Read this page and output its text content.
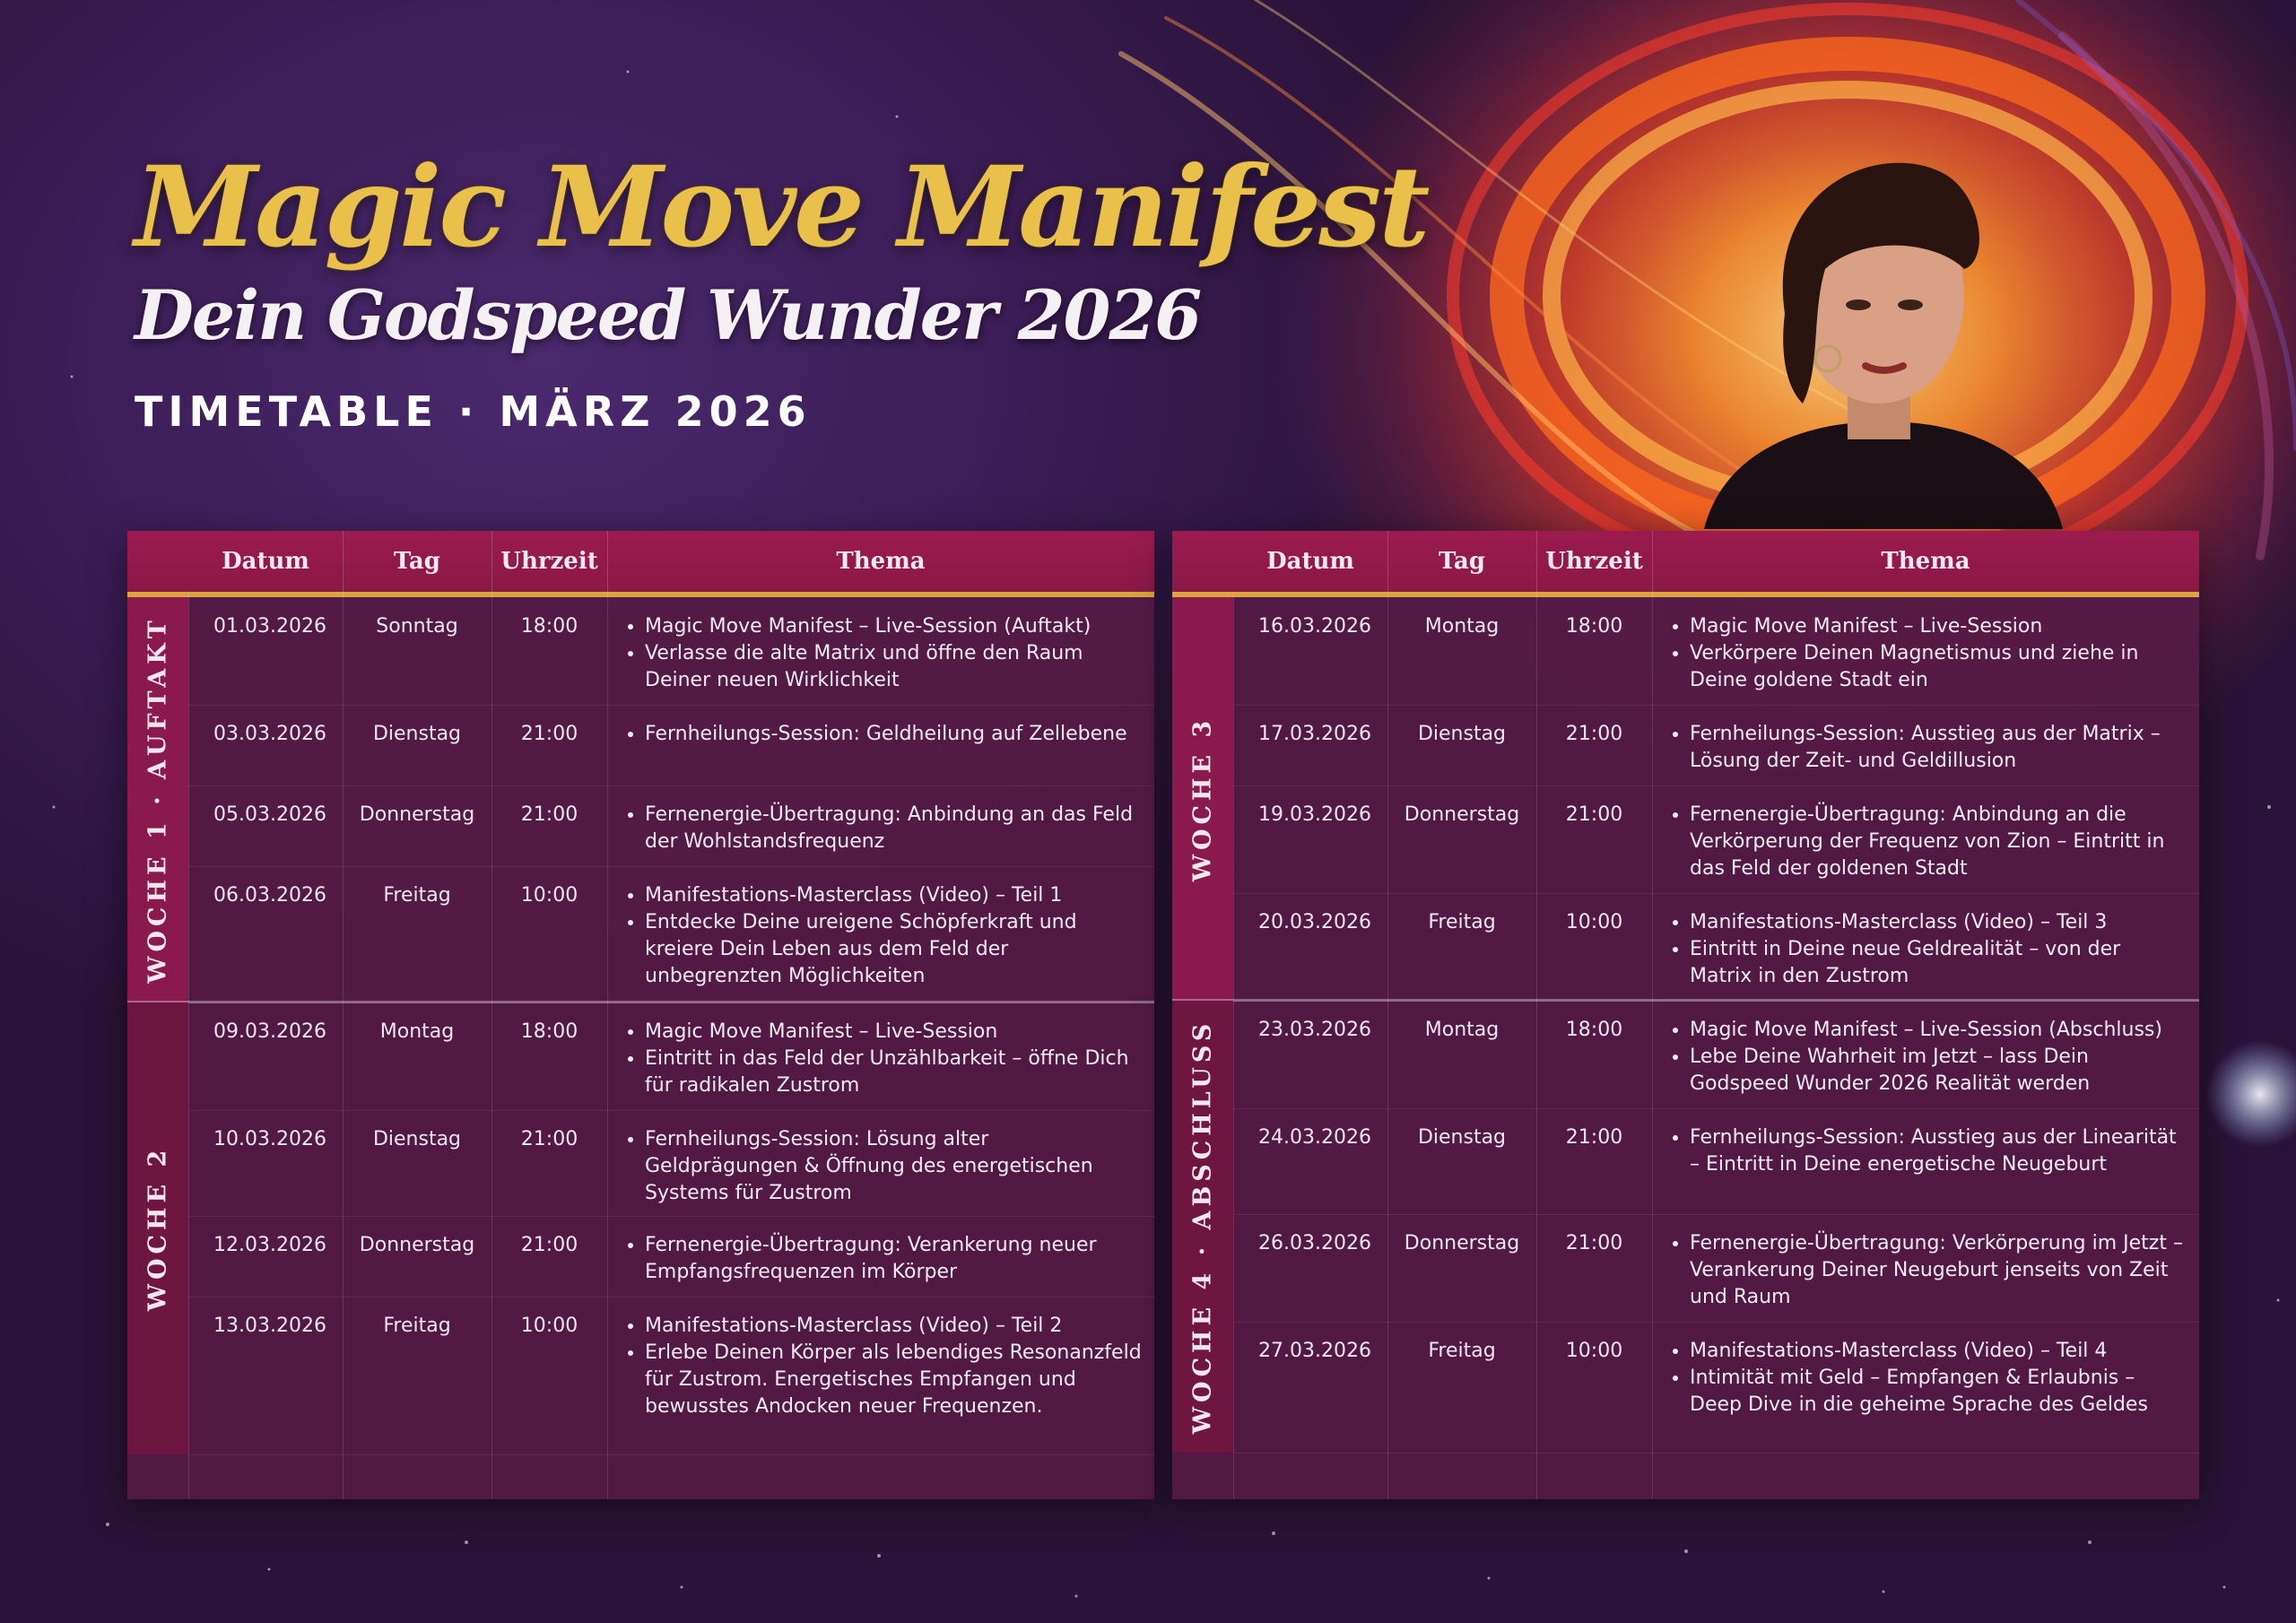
Magic Move Manifest
Dein Godspeed Wunder 2026
TIMETABLE · MÄRZ 2026
Datum	Tag	Uhrzeit	Thema
WOCHE 1 · AUFTAKT	01.03.2026	Sonntag	18:00	• Magic Move Manifest – Live-Session (Auftakt)
• Verlasse die alte Matrix und öffne den Raum Deiner neuen Wirklichkeit
03.03.2026	Dienstag	21:00	• Fernheilungs-Session: Geldheilung auf Zellebene
05.03.2026	Donnerstag	21:00	• Fernenergie-Übertragung: Anbindung an das Feld der Wohlstandsfrequenz
06.03.2026	Freitag	10:00	• Manifestations-Masterclass (Video) – Teil 1
• Entdecke Deine ureigene Schöpferkraft und kreiere Dein Leben aus dem Feld der unbegrenzten Möglichkeiten
WOCHE 2
09.03.2026	Montag	18:00	• Magic Move Manifest – Live-Session
• Eintritt in das Feld der Unzählbarkeit – öffne Dich für radikalen Zustrom
10.03.2026	Dienstag	21:00	• Fernheilungs-Session: Lösung alter Geldprägungen & Öffnung des energetischen Systems für Zustrom
12.03.2026	Donnerstag	21:00	• Fernenergie-Übertragung: Verankerung neuer Empfangsfrequenzen im Körper
13.03.2026	Freitag	10:00	• Manifestations-Masterclass (Video) – Teil 2
• Erlebe Deinen Körper als lebendiges Resonanzfeld für Zustrom. Energetisches Empfangen und bewusstes Andocken neuer Frequenzen.
Datum	Tag	Uhrzeit	Thema
WOCHE 3
16.03.2026	Montag	18:00	• Magic Move Manifest – Live-Session
• Verkörpere Deinen Magnetismus und ziehe in Deine goldene Stadt ein
17.03.2026	Dienstag	21:00	• Fernheilungs-Session: Ausstieg aus der Matrix – Lösung der Zeit- und Geldillusion
19.03.2026	Donnerstag	21:00	• Fernenergie-Übertragung: Anbindung an die Verkörperung der Frequenz von Zion – Eintritt in das Feld der goldenen Stadt
20.03.2026	Freitag	10:00	• Manifestations-Masterclass (Video) – Teil 3
• Eintritt in Deine neue Geldrealität – von der Matrix in den Zustrom
WOCHE 4 · ABSCHLUSS	23.03.2026	Montag	18:00	• Magic Move Manifest – Live-Session (Abschluss)
• Lebe Deine Wahrheit im Jetzt – lass Dein Godspeed Wunder 2026 Realität werden
24.03.2026	Dienstag	21:00	• Fernheilungs-Session: Ausstieg aus der Linearität – Eintritt in Deine energetische Neugeburt
26.03.2026	Donnerstag	21:00	• Fernenergie-Übertragung: Verkörperung im Jetzt – Verankerung Deiner Neugeburt jenseits von Zeit und Raum
27.03.2026	Freitag	10:00	• Manifestations-Masterclass (Video) – Teil 4
• Intimität mit Geld – Empfangen & Erlaubnis – Deep Dive in die geheime Sprache des Geldes
